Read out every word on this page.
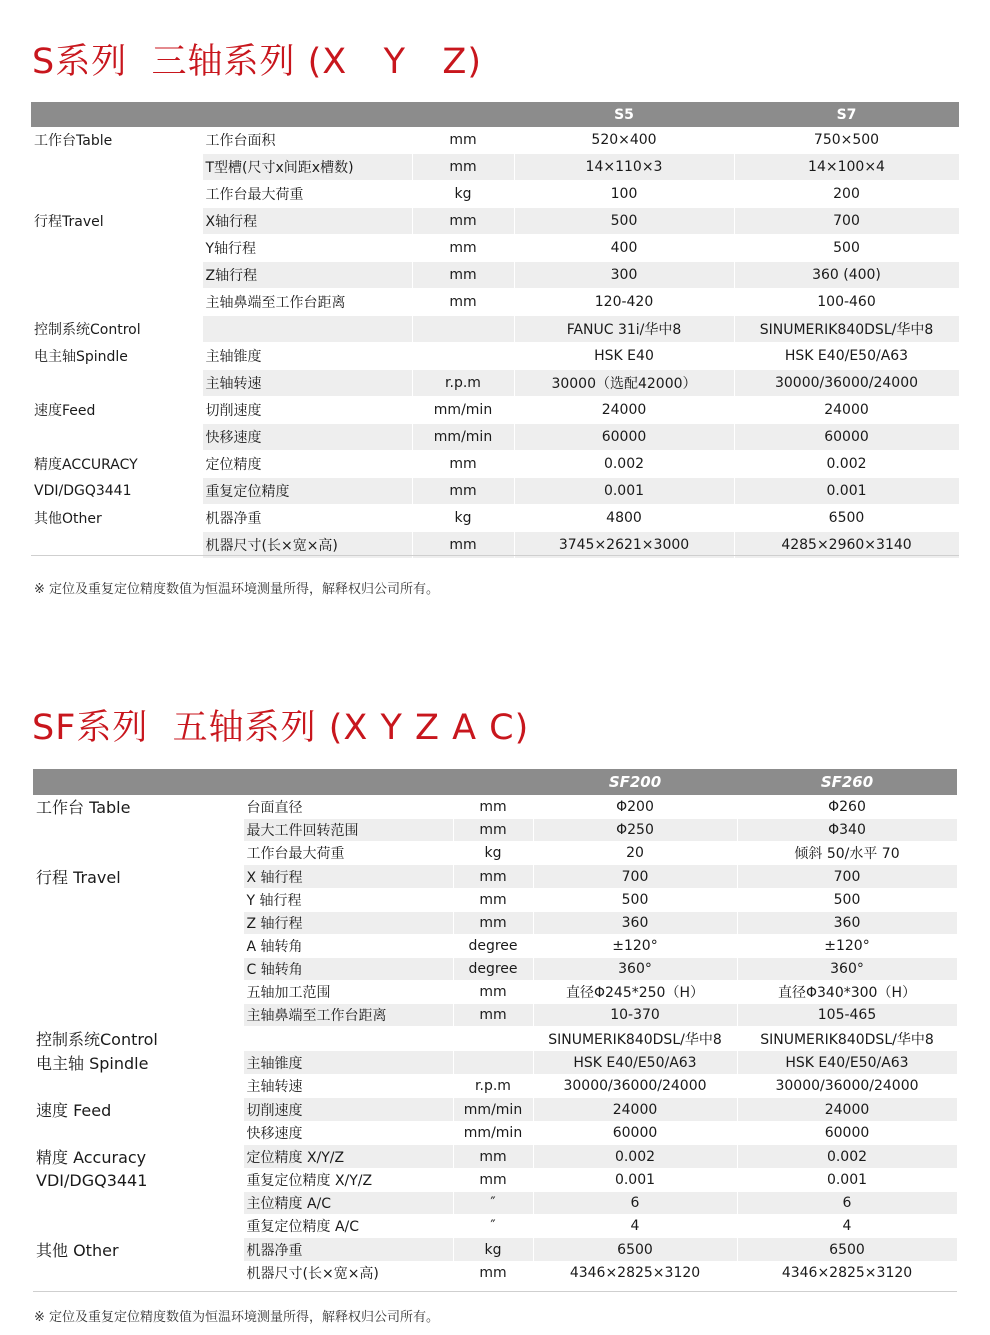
S系列  三轴系列 (X   Y   Z)
			S5	S7
工作台Table	工作台面积	mm	520×400	750×500
	T型槽(尺寸x间距x槽数)	mm	14×110×3	14×100×4
	工作台最大荷重	kg	100	200
行程Travel	X轴行程	mm	500	700
	Y轴行程	mm	400	500
	Z轴行程	mm	300	360 (400)
	主轴鼻端至工作台距离	mm	120-420	100-460
控制系统Control			FANUC 31i/华中8	SINUMERIK840DSL/华中8
电主轴Spindle	主轴锥度		HSK E40	HSK E40/E50/A63
	主轴转速	r.p.m	30000（选配42000）	30000/36000/24000
速度Feed	切削速度	mm/min	24000	24000
	快移速度	mm/min	60000	60000
精度ACCURACY	定位精度	mm	0.002	0.002
VDI/DGQ3441	重复定位精度	mm	0.001	0.001
其他Other	机器净重	kg	4800	6500
	机器尺寸(长×宽×高)	mm	3745×2621×3000	4285×2960×3140
※ 定位及重复定位精度数值为恒温环境测量所得，解释权归公司所有。
SF系列  五轴系列 (X Y Z A C)
			SF200	SF260
工作台 Table	台面直径	mm	Φ200	Φ260
	最大工件回转范围	mm	Φ250	Φ340
	工作台最大荷重	kg	20	倾斜 50/水平 70
行程 Travel	X 轴行程	mm	700	700
	Y 轴行程	mm	500	500
	Z 轴行程	mm	360	360
	A 轴转角	degree	±120°	±120°
	C 轴转角	degree	360°	360°
	五轴加工范围	mm	直径Φ245*250（H）	直径Φ340*300（H）
	主轴鼻端至工作台距离	mm	10-370	105-465
控制系统Control			SINUMERIK840DSL/华中8	SINUMERIK840DSL/华中8
电主轴 Spindle	主轴锥度		HSK E40/E50/A63	HSK E40/E50/A63
	主轴转速	r.p.m	30000/36000/24000	30000/36000/24000
速度 Feed	切削速度	mm/min	24000	24000
	快移速度	mm/min	60000	60000
精度 Accuracy	定位精度 X/Y/Z	mm	0.002	0.002
VDI/DGQ3441	重复定位精度 X/Y/Z	mm	0.001	0.001
	主位精度 A/C	″	6	6
	重复定位精度 A/C	″	4	4
其他 Other	机器净重	kg	6500	6500
	机器尺寸(长×宽×高)	mm	4346×2825×3120	4346×2825×3120
※ 定位及重复定位精度数值为恒温环境测量所得，解释权归公司所有。
